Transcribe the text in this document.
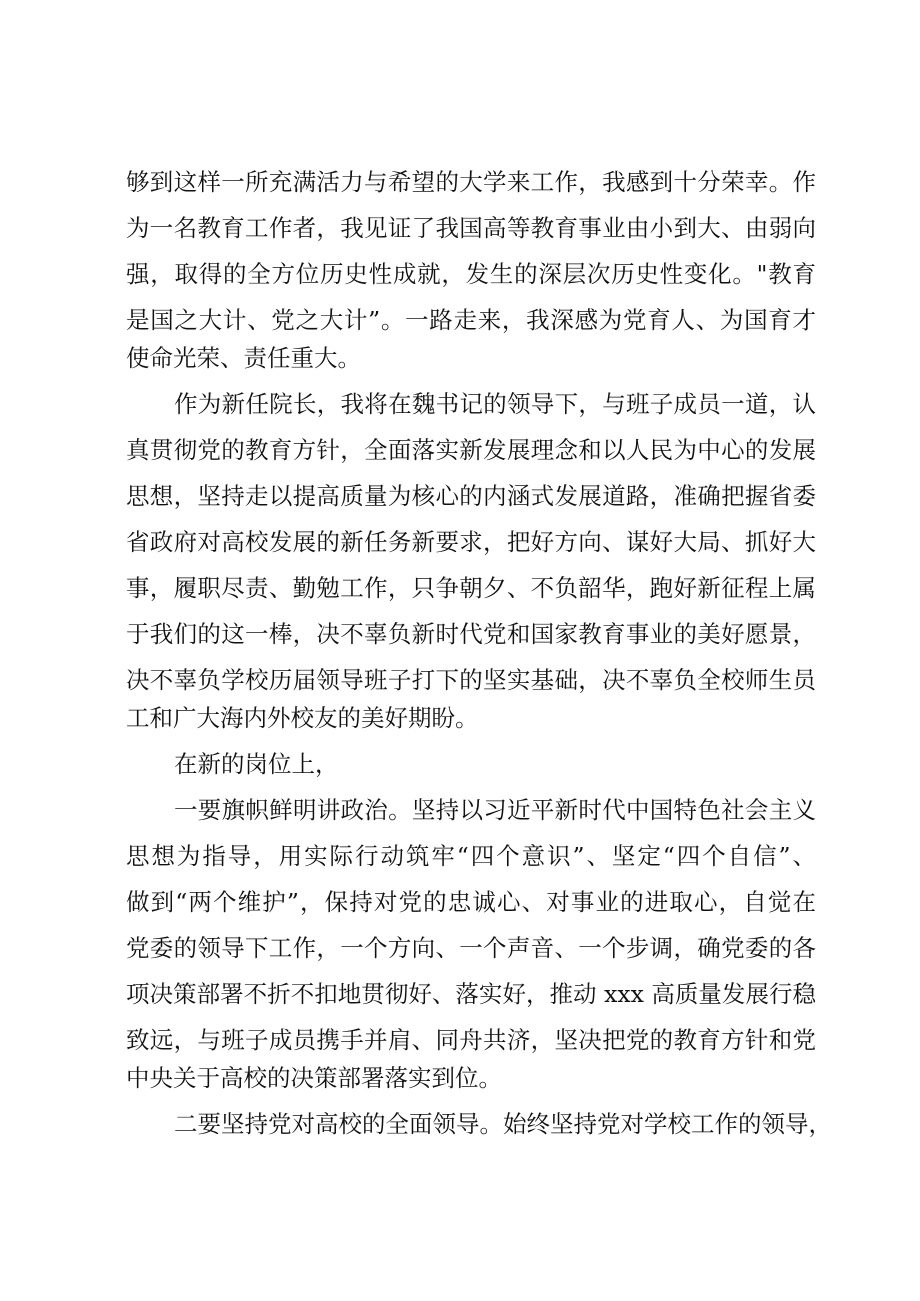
够到这样一所充满活力与希望的大学来工作，我感到十分荣幸。作
为一名教育工作者，我见证了我国高等教育事业由小到大、由弱向
强，取得的全方位历史性成就，发生的深层次历史性变化。"教育
是国之大计、党之大计”。一路走来，我深感为党育人、为国育才
使命光荣、责任重大。
作为新任院长，我将在魏书记的领导下，与班子成员一道，认
真贯彻党的教育方针，全面落实新发展理念和以人民为中心的发展
思想，坚持走以提高质量为核心的内涵式发展道路，准确把握省委
省政府对高校发展的新任务新要求，把好方向、谋好大局、抓好大
事，履职尽责、勤勉工作，只争朝夕、不负韶华，跑好新征程上属
于我们的这一棒，决不辜负新时代党和国家教育事业的美好愿景，
决不辜负学校历届领导班子打下的坚实基础，决不辜负全校师生员
工和广大海内外校友的美好期盼。
在新的岗位上，
一要旗帜鲜明讲政治。坚持以习近平新时代中国特色社会主义
思想为指导，用实际行动筑牢“四个意识”、坚定“四个自信”、
做到“两个维护”，保持对党的忠诚心、对事业的进取心，自觉在
党委的领导下工作，一个方向、一个声音、一个步调，确党委的各
项决策部署不折不扣地贯彻好、落实好，推动 xxx 高质量发展行稳
致远，与班子成员携手并肩、同舟共济，坚决把党的教育方针和党
中央关于高校的决策部署落实到位。
二要坚持党对高校的全面领导。始终坚持党对学校工作的领导，
